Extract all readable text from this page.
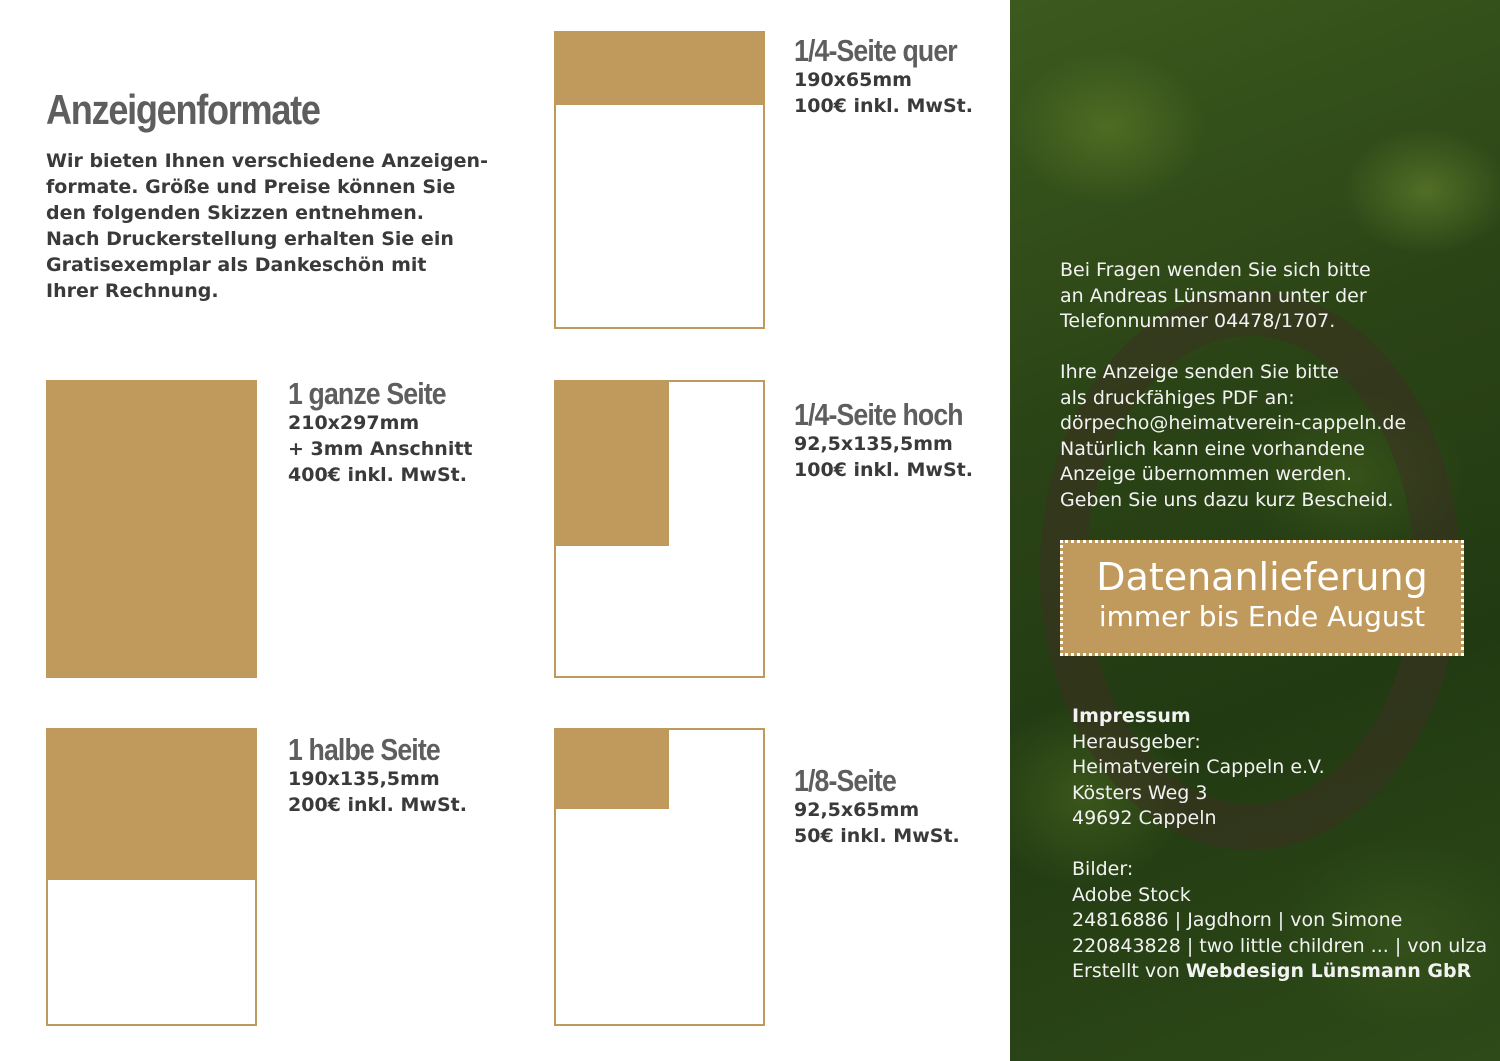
Anzeigenformate
Wir bieten Ihnen verschiedene Anzeigen-
formate. Größe und Preise können Sie
den folgenden Skizzen entnehmen.
Nach Druckerstellung erhalten Sie ein
Gratisexemplar als Dankeschön mit
Ihrer Rechnung.
1 ganze Seite
210x297mm
+ 3mm Anschnitt
400€ inkl. MwSt.
1 halbe Seite
190x135,5mm
200€ inkl. MwSt.
1/4-Seite quer
190x65mm
100€ inkl. MwSt.
1/4-Seite hoch
92,5x135,5mm
100€ inkl. MwSt.
1/8-Seite
92,5x65mm
50€ inkl. MwSt.
Bei Fragen wenden Sie sich bitte
an Andreas Lünsmann unter der
Telefonnummer 04478/1707.
Ihre Anzeige senden Sie bitte
als druckfähiges PDF an:
dörpecho@heimatverein-cappeln.de
Natürlich kann eine vorhandene
Anzeige übernommen werden.
Geben Sie uns dazu kurz Bescheid.
Datenanlieferung
immer bis Ende August
Impressum
Herausgeber:
Heimatverein Cappeln e.V.
Kösters Weg 3
49692 Cappeln
Bilder:
Adobe Stock
24816886 | Jagdhorn | von Simone
220843828 | two little children ... | von ulza
Erstellt von Webdesign Lünsmann GbR
